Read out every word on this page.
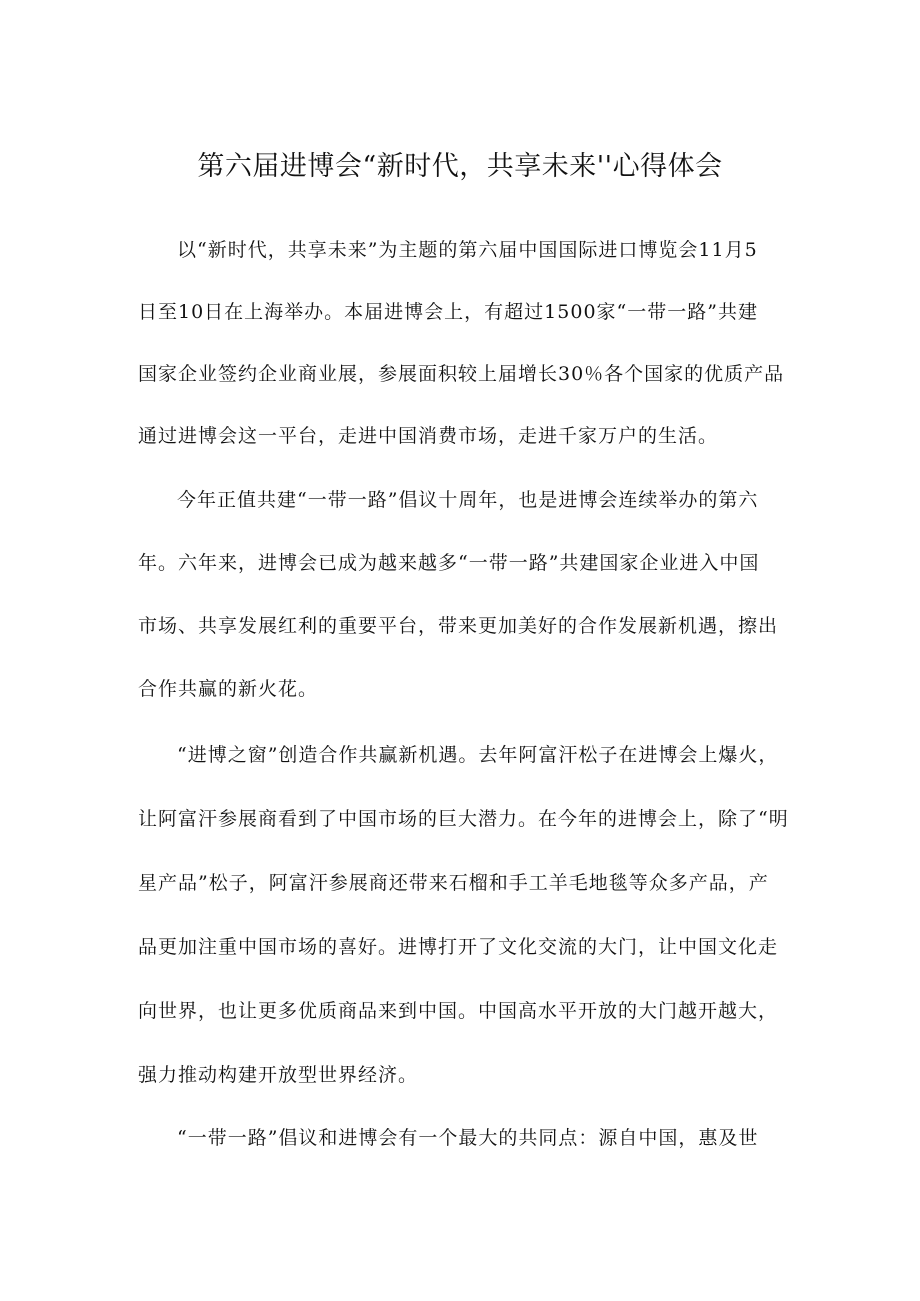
第六届进博会“新时代，共享未来''心得体会
以“新时代，共享未来”为主题的第六届中国国际进口博览会11月5
日至10日在上海举办。本届进博会上，有超过1500家“一带一路”共建
国家企业签约企业商业展，参展面积较上届增长30％各个国家的优质产品
通过进博会这一平台，走进中国消费市场，走进千家万户的生活。
今年正值共建“一带一路”倡议十周年，也是进博会连续举办的第六
年。六年来，进博会已成为越来越多“一带一路”共建国家企业进入中国
市场、共享发展红利的重要平台，带来更加美好的合作发展新机遇，擦出
合作共赢的新火花。
“进博之窗”创造合作共赢新机遇。去年阿富汗松子在进博会上爆火，
让阿富汗参展商看到了中国市场的巨大潜力。在今年的进博会上，除了“明
星产品”松子，阿富汗参展商还带来石榴和手工羊毛地毯等众多产品，产
品更加注重中国市场的喜好。进博打开了文化交流的大门，让中国文化走
向世界，也让更多优质商品来到中国。中国高水平开放的大门越开越大，
强力推动构建开放型世界经济。
“一带一路”倡议和进博会有一个最大的共同点：源自中国，惠及世
